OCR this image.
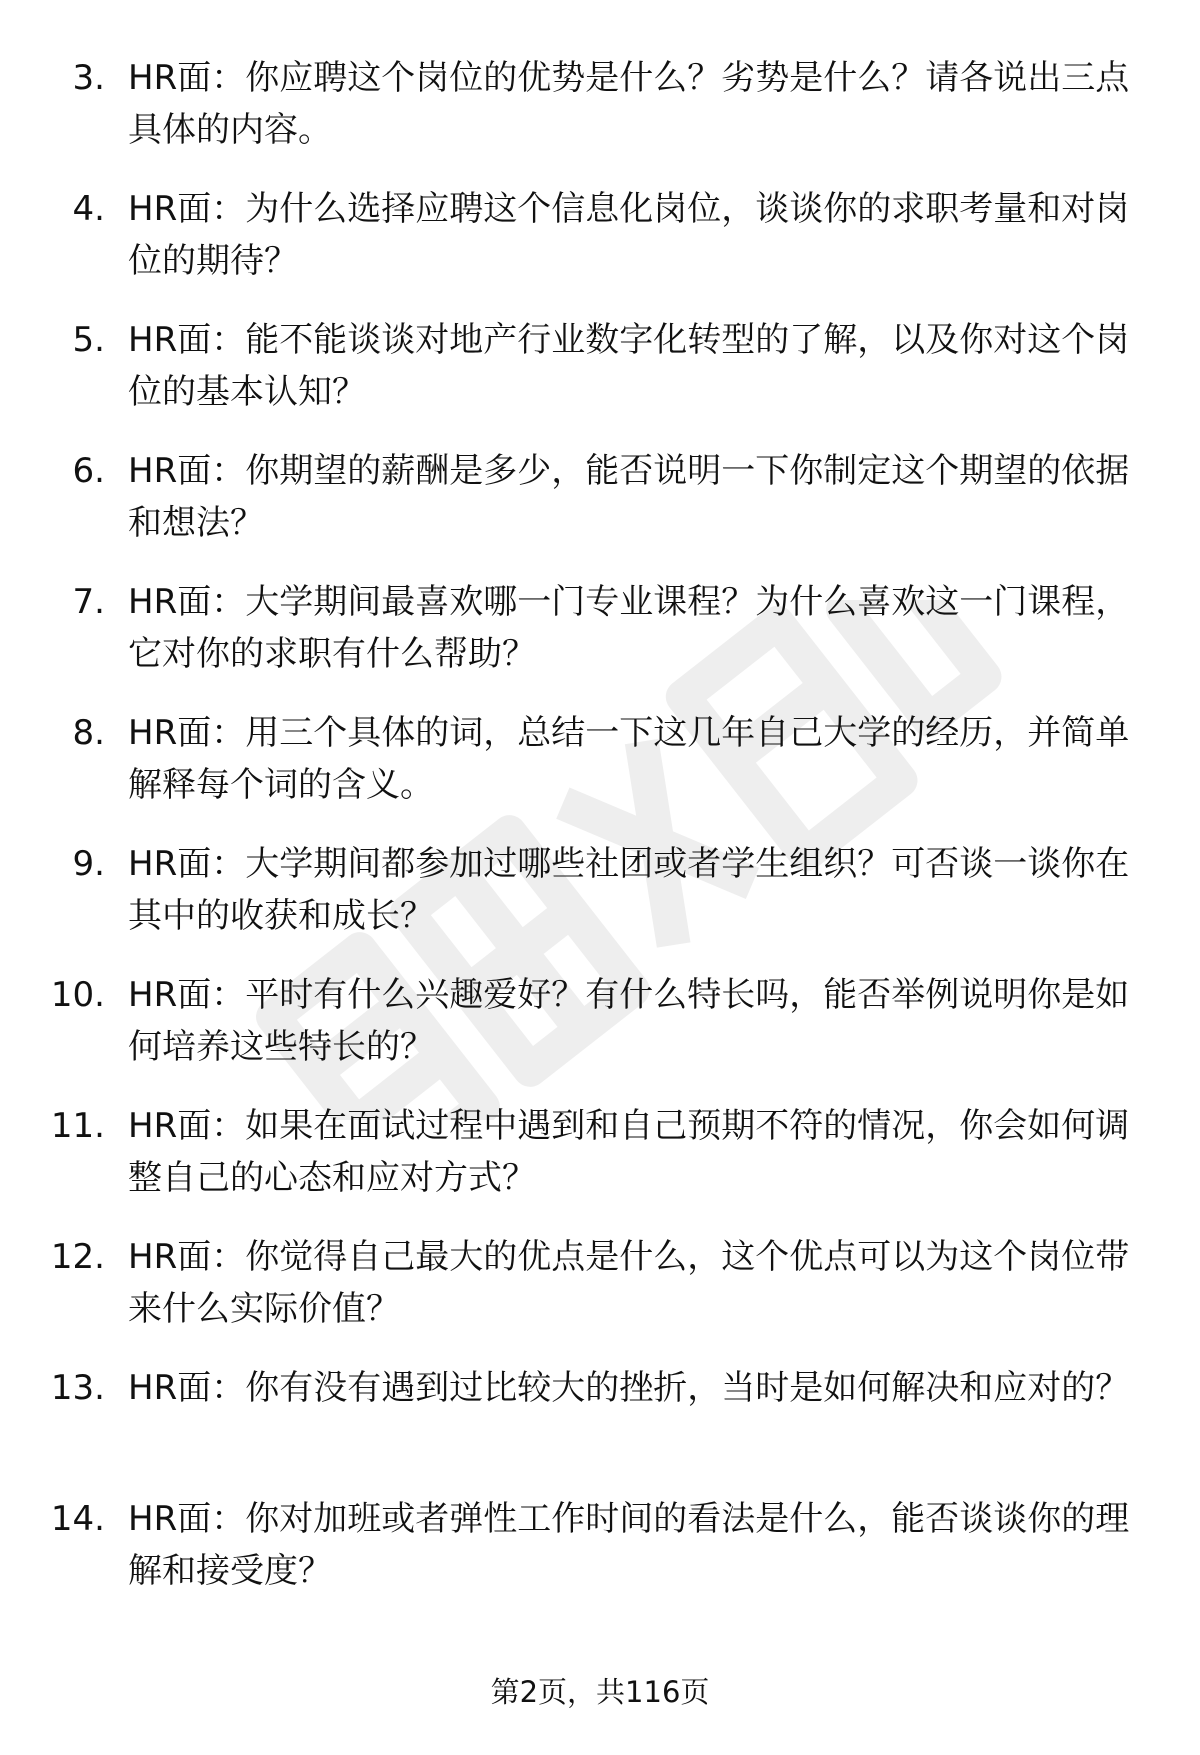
3. HR面：你应聘这个岗位的优势是什么？劣势是什么？请各说出三点具体的内容。

4. HR面：为什么选择应聘这个信息化岗位，谈谈你的求职考量和对岗位的期待？

5. HR面：能不能谈谈对地产行业数字化转型的了解，以及你对这个岗位的基本认知？

6. HR面：你期望的薪酬是多少，能否说明一下你制定这个期望的依据和想法？

7. HR面：大学期间最喜欢哪一门专业课程？为什么喜欢这一门课程，它对你的求职有什么帮助？

8. HR面：用三个具体的词，总结一下这几年自己大学的经历，并简单解释每个词的含义。

9. HR面：大学期间都参加过哪些社团或者学生组织？可否谈一谈你在其中的收获和成长？

10. HR面：平时有什么兴趣爱好？有什么特长吗，能否举例说明你是如何培养这些特长的？

11. HR面：如果在面试过程中遇到和自己预期不符的情况，你会如何调整自己的心态和应对方式？

12. HR面：你觉得自己最大的优点是什么，这个优点可以为这个岗位带来什么实际价值？

13. HR面：你有没有遇到过比较大的挫折，当时是如何解决和应对的？

14. HR面：你对加班或者弹性工作时间的看法是什么，能否谈谈你的理解和接受度？

第2页，共116页
